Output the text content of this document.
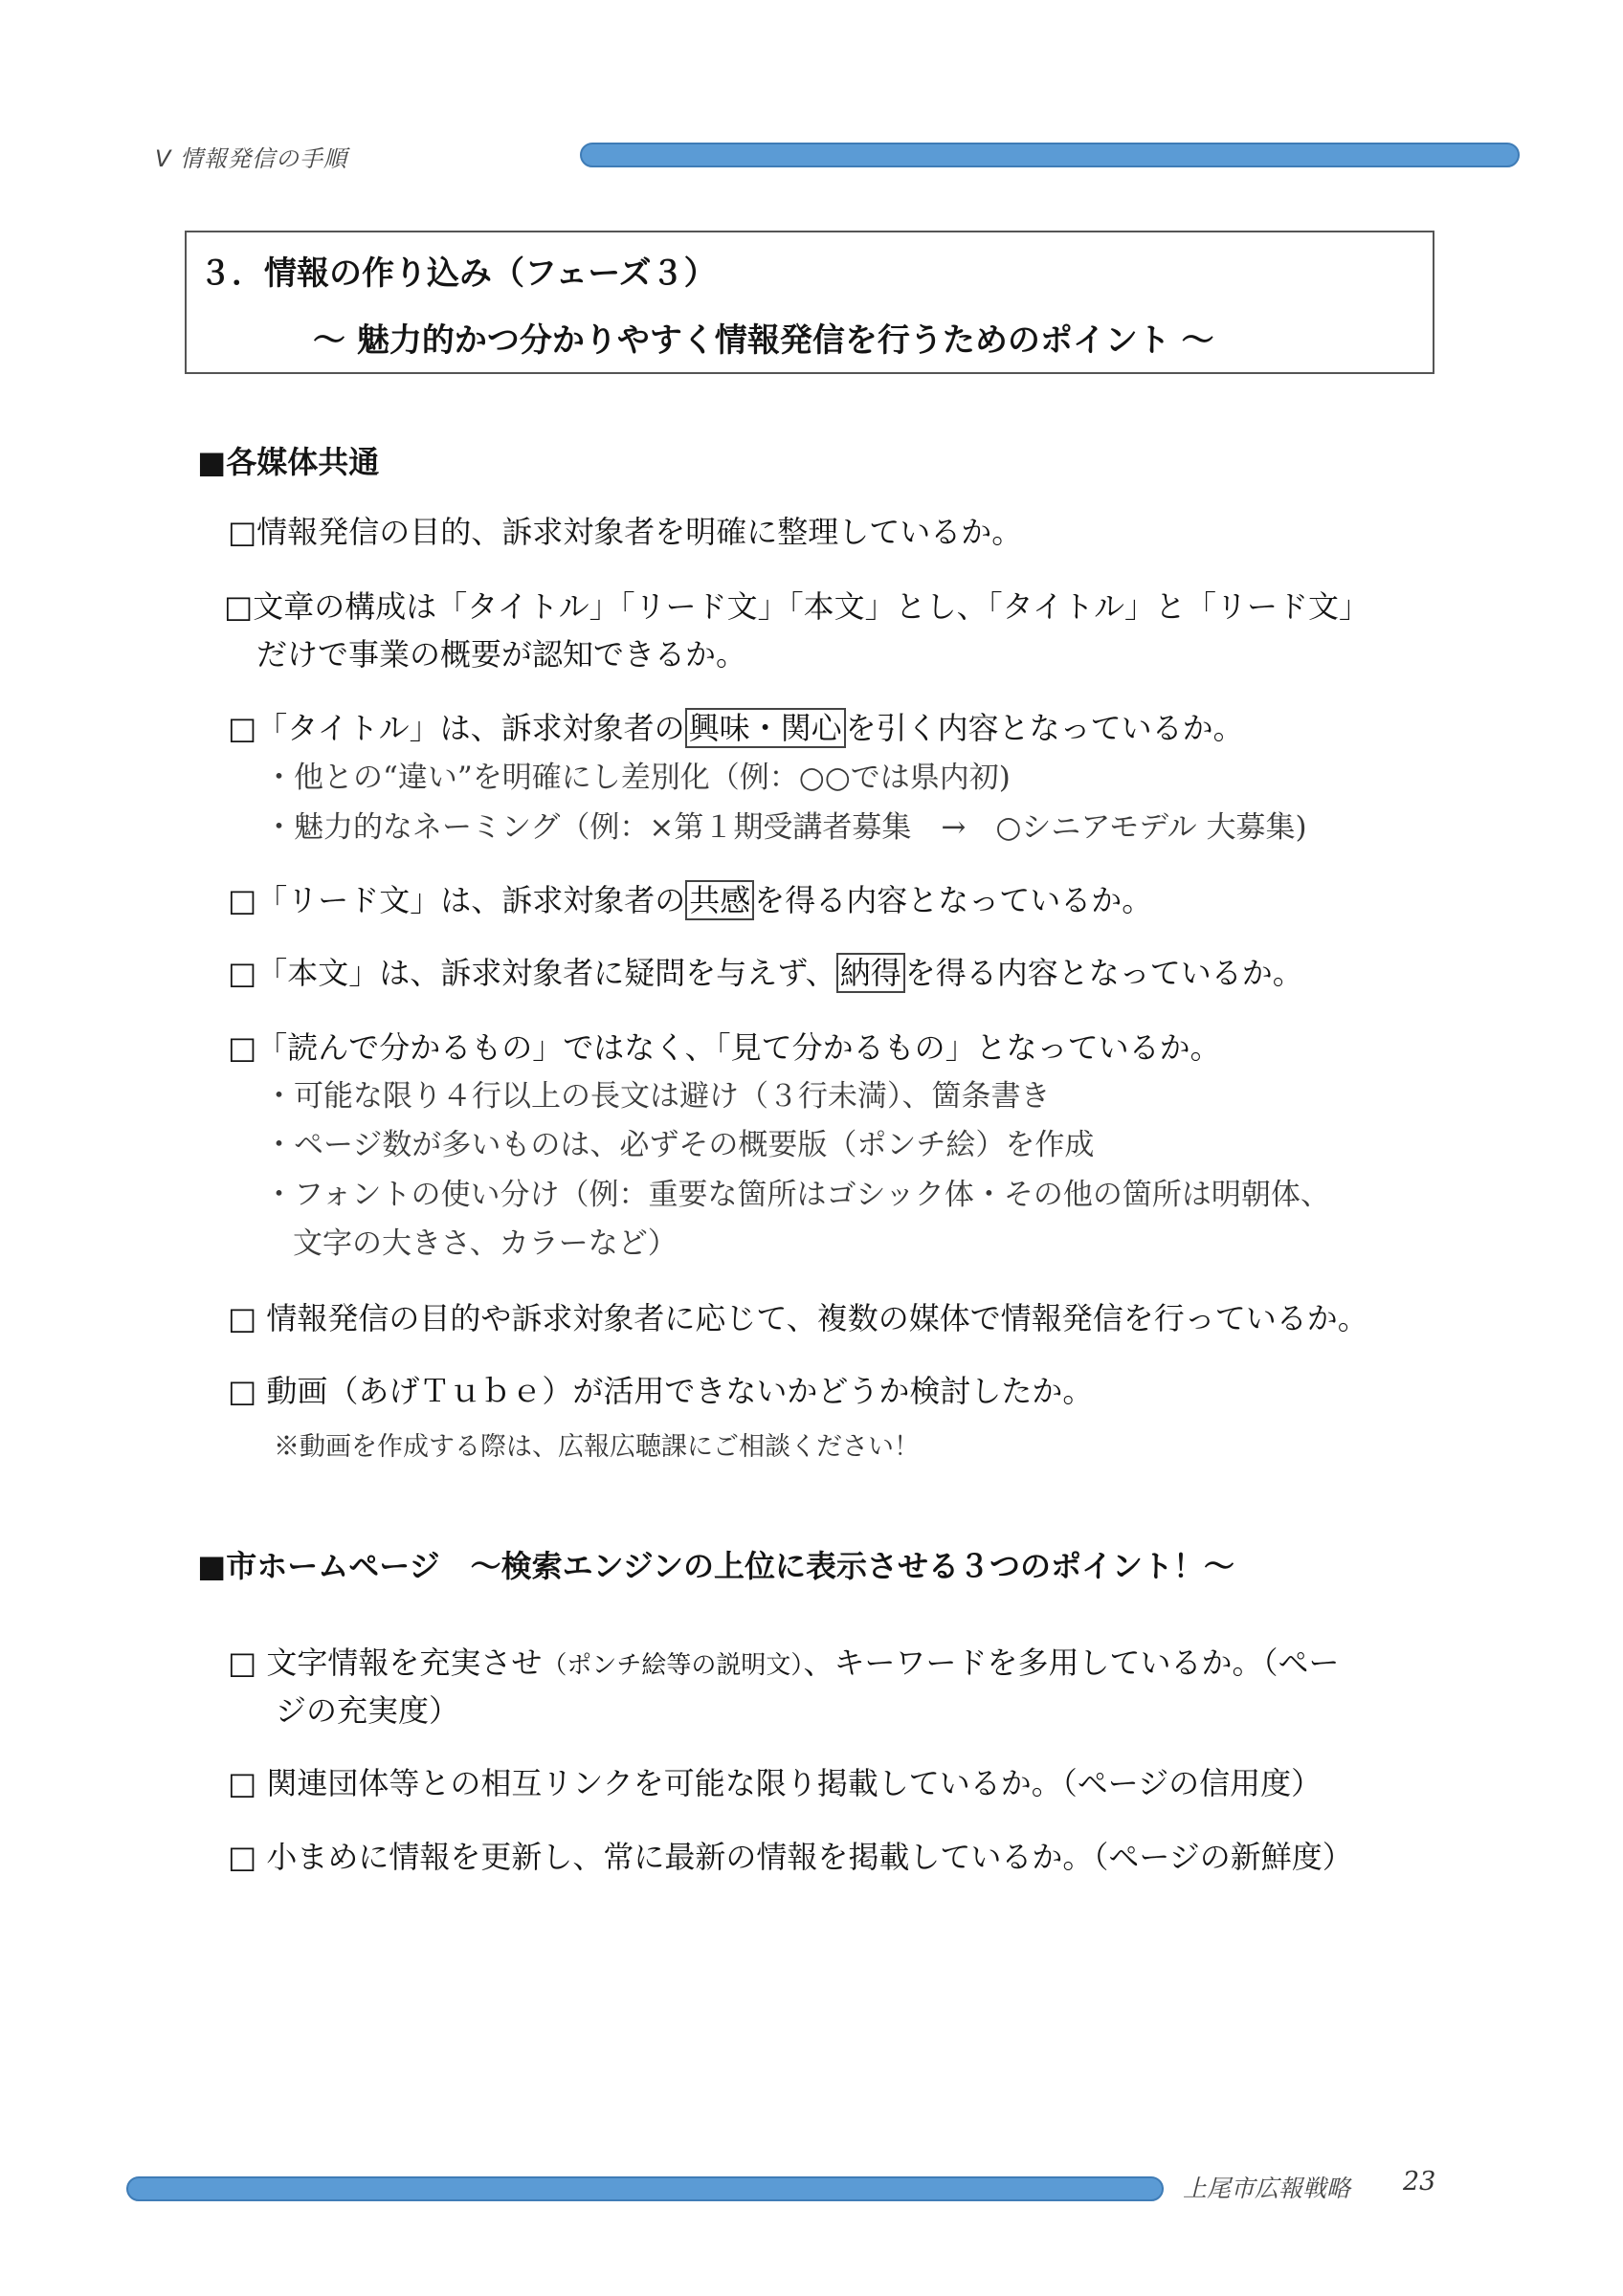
Ⅴ 情報発信の手順
３．情報の作り込み（フェーズ３）
～ 魅力的かつ分かりやすく情報発信を行うためのポイント ～
■各媒体共通
□情報発信の目的、訴求対象者を明確に整理しているか。
□文章の構成は「タイトル」「リード文」「本文」とし、「タイトル」と「リード文」
だけで事業の概要が認知できるか。
□「タイトル」は、訴求対象者の 興味・関心 を引く内容となっているか。
・他との“違い”を明確にし差別化（例：○○では県内初)
・魅力的なネーミング（例：×第１期受講者募集　→　○シニアモデル 大募集)
□「リード文」は、訴求対象者の 共感 を得る内容となっているか。
□「本文」は、訴求対象者に疑問を与えず、 納得 を得る内容となっているか。
□「読んで分かるもの」ではなく、「見て分かるもの」となっているか。
・可能な限り４行以上の長文は避け（３行未満）、箇条書き
・ページ数が多いものは、必ずその概要版（ポンチ絵）を作成
・フォントの使い分け（例：重要な箇所はゴシック体・その他の箇所は明朝体、
文字の大きさ、カラーなど）
□ 情報発信の目的や訴求対象者に応じて、複数の媒体で情報発信を行っているか。
□ 動画（あげＴｕｂｅ）が活用できないかどうか検討したか。
※動画を作成する際は、広報広聴課にご相談ください！
■市ホームページ　～検索エンジンの上位に表示させる３つのポイント！～
□ 文字情報を充実させ（ポンチ絵等の説明文）、キーワードを多用しているか。（ペー
ジの充実度）
□ 関連団体等との相互リンクを可能な限り掲載しているか。（ページの信用度）
□ 小まめに情報を更新し、常に最新の情報を掲載しているか。（ページの新鮮度）
上尾市広報戦略 23
